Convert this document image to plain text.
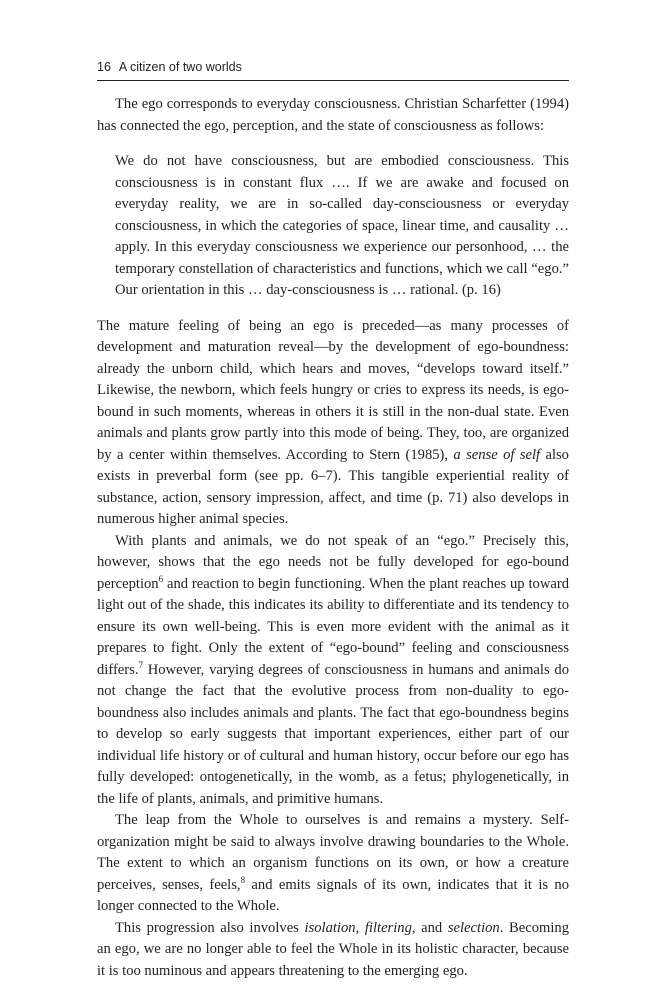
16 A citizen of two worlds

The ego corresponds to everyday consciousness. Christian Scharfetter (1994) has connected the ego, perception, and the state of consciousness as follows:

We do not have consciousness, but are embodied consciousness. This consciousness is in constant flux …. If we are awake and focused on everyday reality, we are in so-called day-consciousness or everyday consciousness, in which the categories of space, linear time, and causality … apply. In this everyday consciousness we experience our personhood, … the temporary constellation of characteristics and functions, which we call “ego.” Our orientation in this … day-consciousness is … rational. (p. 16)

The mature feeling of being an ego is preceded—as many processes of development and maturation reveal—by the development of ego-boundness: already the unborn child, which hears and moves, “develops toward itself.” Likewise, the newborn, which feels hungry or cries to express its needs, is ego-bound in such moments, whereas in others it is still in the non-dual state. Even animals and plants grow partly into this mode of being. They, too, are organized by a center within themselves. According to Stern (1985), a sense of self also exists in preverbal form (see pp. 6–7). This tangible experiential reality of substance, action, sensory impression, affect, and time (p. 71) also develops in numerous higher animal species.

With plants and animals, we do not speak of an “ego.” Precisely this, however, shows that the ego needs not be fully developed for ego-bound perception$^6$ and reaction to begin functioning. When the plant reaches up toward light out of the shade, this indicates its ability to differentiate and its tendency to ensure its own well-being. This is even more evident with the animal as it prepares to fight. Only the extent of “ego-bound” feeling and consciousness differs.$^7$ However, varying degrees of consciousness in humans and animals do not change the fact that the evolutive process from non-duality to ego-boundness also includes animals and plants. The fact that ego-boundness begins to develop so early suggests that important experiences, either part of our individual life history or of cultural and human history, occur before our ego has fully developed: ontogenetically, in the womb, as a fetus; phylogenetically, in the life of plants, animals, and primitive humans.

The leap from the Whole to ourselves is and remains a mystery. Self-organization might be said to always involve drawing boundaries to the Whole. The extent to which an organism functions on its own, or how a creature perceives, senses, feels,$^8$ and emits signals of its own, indicates that it is no longer connected to the Whole.

This progression also involves isolation, filtering, and selection. Becoming an ego, we are no longer able to feel the Whole in its holistic character, because it is too numinous and appears threatening to the emerging ego.
